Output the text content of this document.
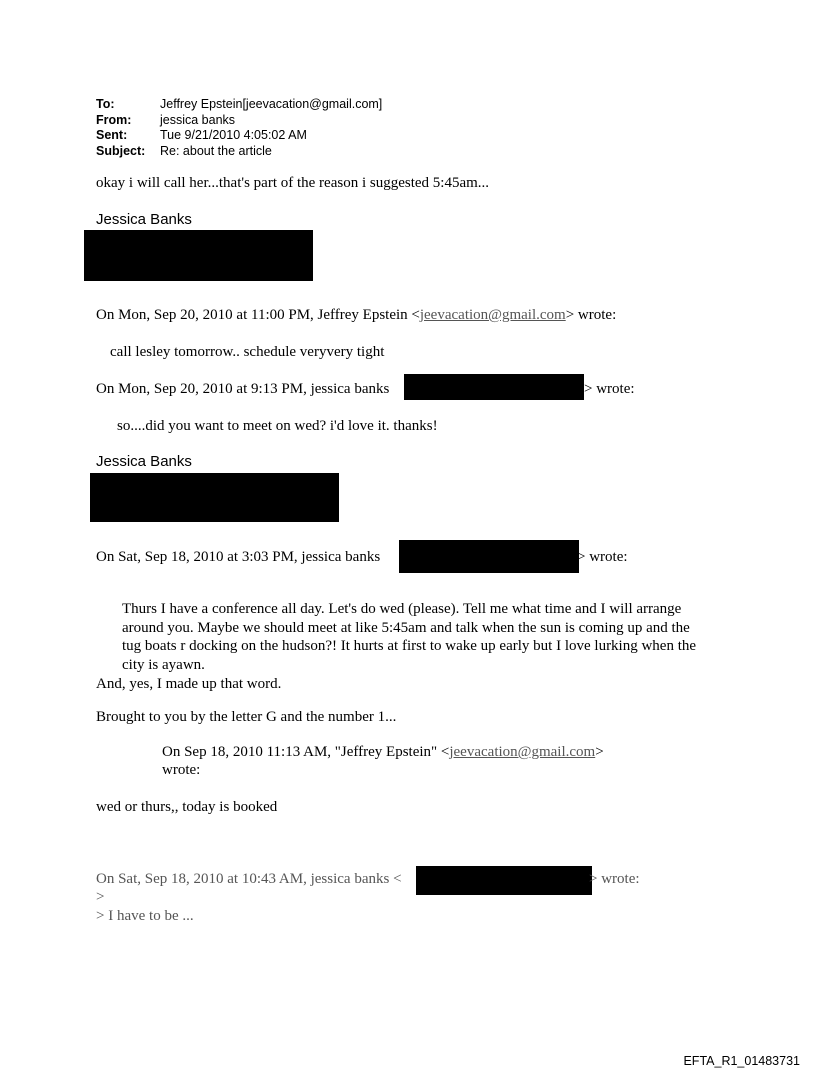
To:	Jeffrey Epstein[jeevacation@gmail.com]
From: jessica banks
Sent:	Tue 9/21/2010 4:05:02 AM
Subject: Re: about the article
okay i will call her...that's part of the reason i suggested 5:45am...
Jessica Banks
On Mon, Sep 20, 2010 at 11:00 PM, Jeffrey Epstein <jeevacation@gmail.com> wrote:
call lesley tomorrow.. schedule veryvery tight
On Mon, Sep 20, 2010 at 9:13 PM, jessica banks	> wrote:
so....did you want to meet on wed? i'd love it. thanks!
Jessica Banks
On Sat, Sep 18, 2010 at 3:03 PM, jessica banks	> wrote:
Thurs I have a conference all day. Let's do wed (please). Tell me what time and I will arrange around you. Maybe we should meet at like 5:45am and talk when the sun is coming up and the tug boats r docking on the hudson?! It hurts at first to wake up early but I love lurking when the city is ayawn.
And, yes, I made up that word.
Brought to you by the letter G and the number 1...
On Sep 18, 2010 11:13 AM, "Jeffrey Epstein" <jeevacation@gmail.com>
wrote:
wed or thurs,, today is booked
On Sat, Sep 18, 2010 at 10:43 AM, jessica banks <	> wrote:
>
> I have to be ...
EFTA_R1_01483731
